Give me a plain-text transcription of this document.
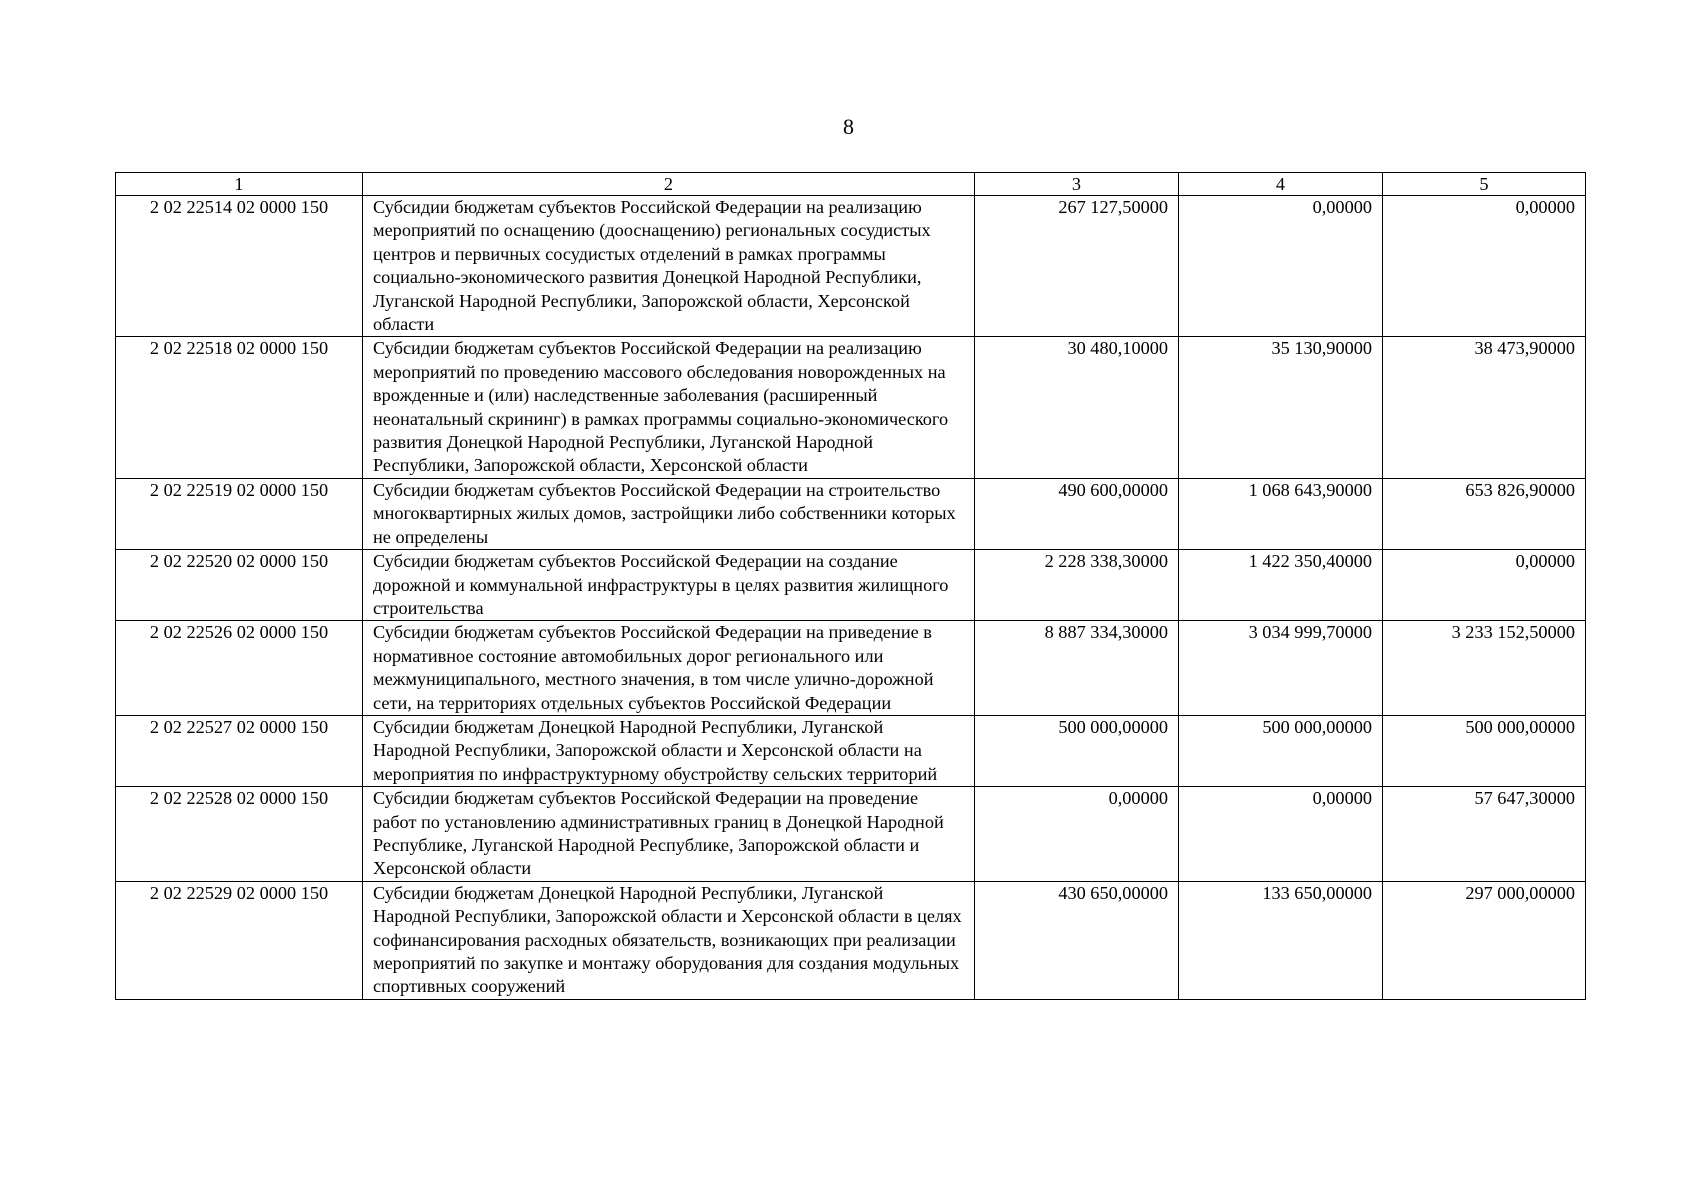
8
1	2	3	4	5
2 02 22514 02 0000 150	Субсидии бюджетам субъектов Российской Федерации на реализацию мероприятий по оснащению (дооснащению) региональных сосудистых центров и первичных сосудистых отделений в рамках программы социально-экономического развития Донецкой Народной Республики, Луганской Народной Республики, Запорожской области, Херсонской области	267 127,50000	0,00000	0,00000
2 02 22518 02 0000 150	Субсидии бюджетам субъектов Российской Федерации на реализацию мероприятий по проведению массового обследования новорожденных на врожденные и (или) наследственные заболевания (расширенный неонатальный скрининг) в рамках программы социально-экономического развития Донецкой Народной Республики, Луганской Народной Республики, Запорожской области, Херсонской области	30 480,10000	35 130,90000	38 473,90000
2 02 22519 02 0000 150	Субсидии бюджетам субъектов Российской Федерации на строительство многоквартирных жилых домов, застройщики либо собственники которых не определены	490 600,00000	1 068 643,90000	653 826,90000
2 02 22520 02 0000 150	Субсидии бюджетам субъектов Российской Федерации на создание дорожной и коммунальной инфраструктуры в целях развития жилищного строительства	2 228 338,30000	1 422 350,40000	0,00000
2 02 22526 02 0000 150	Субсидии бюджетам субъектов Российской Федерации на приведение в нормативное состояние автомобильных дорог регионального или межмуниципального, местного значения, в том числе улично-дорожной сети, на территориях отдельных субъектов Российской Федерации	8 887 334,30000	3 034 999,70000	3 233 152,50000
2 02 22527 02 0000 150	Субсидии бюджетам Донецкой Народной Республики, Луганской Народной Республики, Запорожской области и Херсонской области на мероприятия по инфраструктурному обустройству сельских территорий	500 000,00000	500 000,00000	500 000,00000
2 02 22528 02 0000 150	Субсидии бюджетам субъектов Российской Федерации на проведение работ по установлению административных границ в Донецкой Народной Республике, Луганской Народной Республике, Запорожской области и Херсонской области	0,00000	0,00000	57 647,30000
2 02 22529 02 0000 150	Субсидии бюджетам Донецкой Народной Республики, Луганской Народной Республики, Запорожской области и Херсонской области в целях софинансирования расходных обязательств, возникающих при реализации мероприятий по закупке и монтажу оборудования для создания модульных спортивных сооружений	430 650,00000	133 650,00000	297 000,00000
